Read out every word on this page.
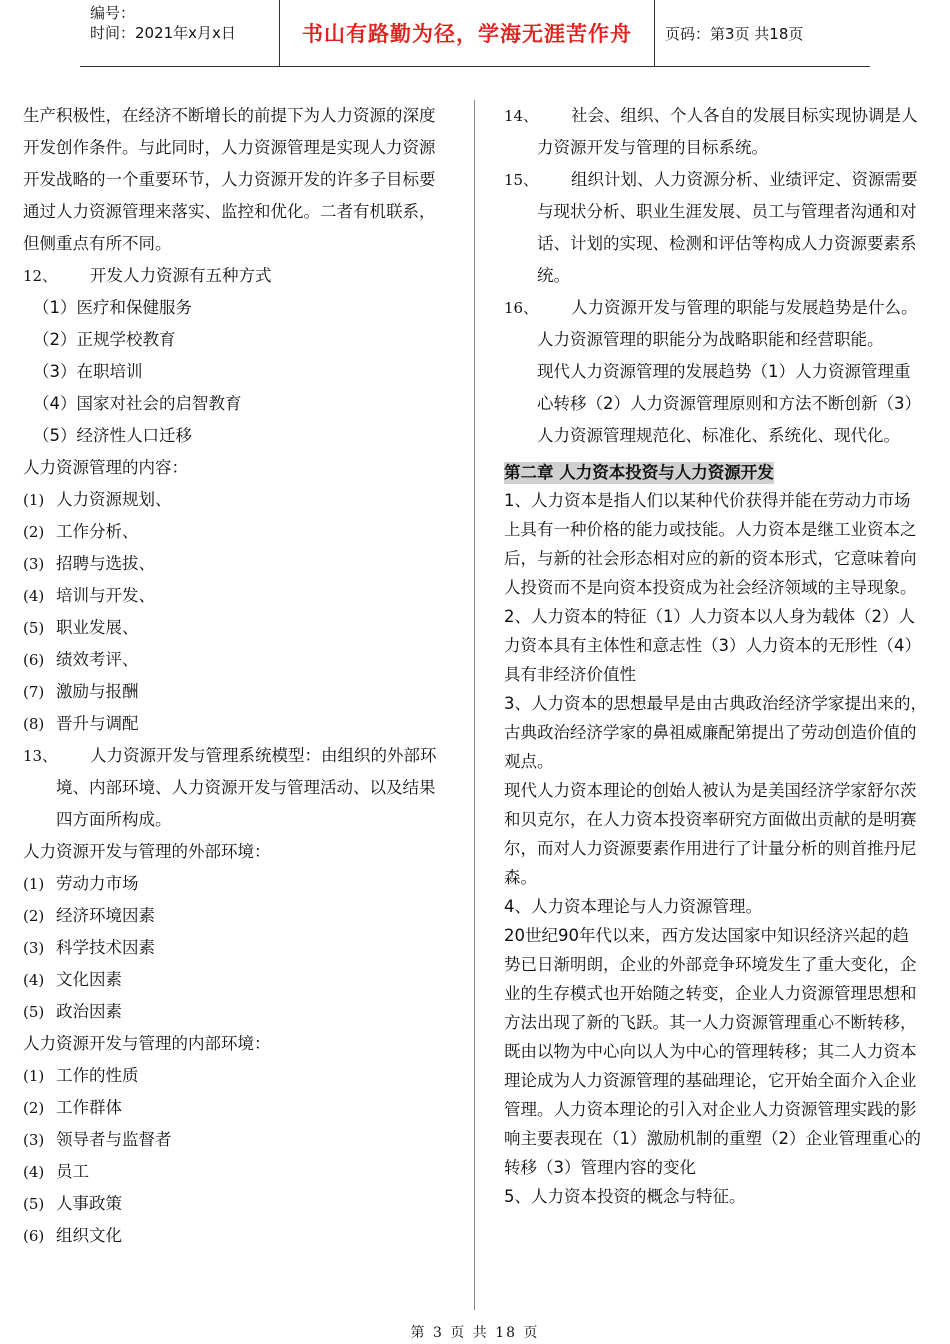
编号：
时间：2021年x月x日	书山有路勤为径，学海无涯苦作舟	页码：第3页 共18页
生产积极性，在经济不断增长的前提下为人力资源的深度
开发创作条件。与此同时，人力资源管理是实现人力资源
开发战略的一个重要环节，人力资源开发的许多子目标要
通过人力资源管理来落实、监控和优化。二者有机联系，
但侧重点有所不同。
12、 开发人力资源有五种方式
（1）医疗和保健服务
（2）正规学校教育
（3）在职培训
（4）国家对社会的启智教育
（5）经济性人口迁移
人力资源管理的内容：
(1) 人力资源规划、
(2) 工作分析、
(3) 招聘与选拔、
(4) 培训与开发、
(5) 职业发展、
(6) 绩效考评、
(7) 激励与报酬
(8) 晋升与调配
13、 人力资源开发与管理系统模型：由组织的外部环
境、内部环境、人力资源开发与管理活动、以及结果
四方面所构成。
人力资源开发与管理的外部环境：
(1) 劳动力市场
(2) 经济环境因素
(3) 科学技术因素
(4) 文化因素
(5) 政治因素
人力资源开发与管理的内部环境：
(1) 工作的性质
(2) 工作群体
(3) 领导者与监督者
(4) 员工
(5) 人事政策
(6) 组织文化
14、 社会、组织、个人各自的发展目标实现协调是人
力资源开发与管理的目标系统。
15、 组织计划、人力资源分析、业绩评定、资源需要
与现状分析、职业生涯发展、员工与管理者沟通和对
话、计划的实现、检测和评估等构成人力资源要素系
统。
16、 人力资源开发与管理的职能与发展趋势是什么。
人力资源管理的职能分为战略职能和经营职能。
现代人力资源管理的发展趋势（1）人力资源管理重
心转移（2）人力资源管理原则和方法不断创新（3）
人力资源管理规范化、标准化、系统化、现代化。
第二章 人力资本投资与人力资源开发
1、人力资本是指人们以某种代价获得并能在劳动力市场
上具有一种价格的能力或技能。人力资本是继工业资本之
后，与新的社会形态相对应的新的资本形式，它意味着向
人投资而不是向资本投资成为社会经济领域的主导现象。
2、人力资本的特征（1）人力资本以人身为载体（2）人
力资本具有主体性和意志性（3）人力资本的无形性（4）
具有非经济价值性
3、人力资本的思想最早是由古典政治经济学家提出来的，
古典政治经济学家的鼻祖威廉配第提出了劳动创造价值的
观点。
现代人力资本理论的创始人被认为是美国经济学家舒尔茨
和贝克尔，在人力资本投资率研究方面做出贡献的是明赛
尔，而对人力资源要素作用进行了计量分析的则首推丹尼
森。
4、人力资本理论与人力资源管理。
20世纪90年代以来，西方发达国家中知识经济兴起的趋
势已日渐明朗，企业的外部竞争环境发生了重大变化，企
业的生存模式也开始随之转变，企业人力资源管理思想和
方法出现了新的飞跃。其一人力资源管理重心不断转移，
既由以物为中心向以人为中心的管理转移；其二人力资本
理论成为人力资源管理的基础理论，它开始全面介入企业
管理。人力资本理论的引入对企业人力资源管理实践的影
响主要表现在（1）激励机制的重塑（2）企业管理重心的
转移（3）管理内容的变化
5、人力资本投资的概念与特征。
第 3 页 共 18 页
